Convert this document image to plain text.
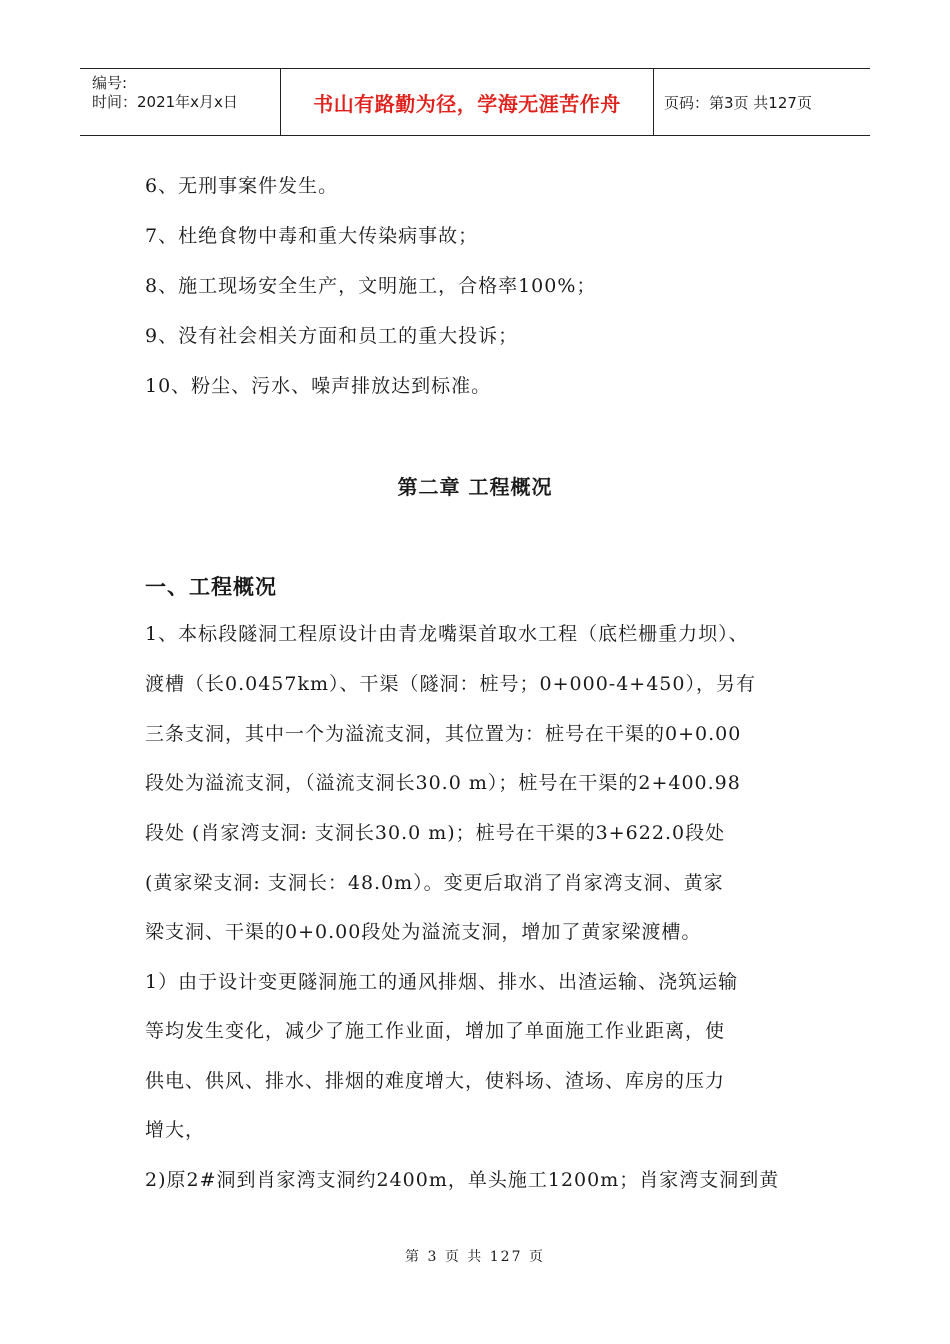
编号:
时间：2021年x月x日	书山有路勤为径，学海无涯苦作舟	页码：第3页 共127页
6、无刑事案件发生。
7、杜绝食物中毒和重大传染病事故；
8、施工现场安全生产，文明施工，合格率100%；
9、没有社会相关方面和员工的重大投诉；
10、粉尘、污水、噪声排放达到标准。
第二章 工程概况
一、工程概况
1、本标段隧洞工程原设计由青龙嘴渠首取水工程（底栏栅重力坝）、
渡槽（长0.0457km）、干渠（隧洞：桩号；0+000-4+450），另有
三条支洞，其中一个为溢流支洞，其位置为：桩号在干渠的0+0.00
段处为溢流支洞，（溢流支洞长30.0 m）；桩号在干渠的2+400.98
段处 (肖家湾支洞: 支洞长30.0 m)；桩号在干渠的3+622.0段处
(黄家梁支洞: 支洞长：48.0m）。变更后取消了肖家湾支洞、黄家
梁支洞、干渠的0+0.00段处为溢流支洞，增加了黄家梁渡槽。
1）由于设计变更隧洞施工的通风排烟、排水、出渣运输、浇筑运输
等均发生变化，减少了施工作业面，增加了单面施工作业距离，使
供电、供风、排水、排烟的难度增大，使料场、渣场、库房的压力
增大，
2)原2#洞到肖家湾支洞约2400m，单头施工1200m；肖家湾支洞到黄
第 3 页 共 127 页
